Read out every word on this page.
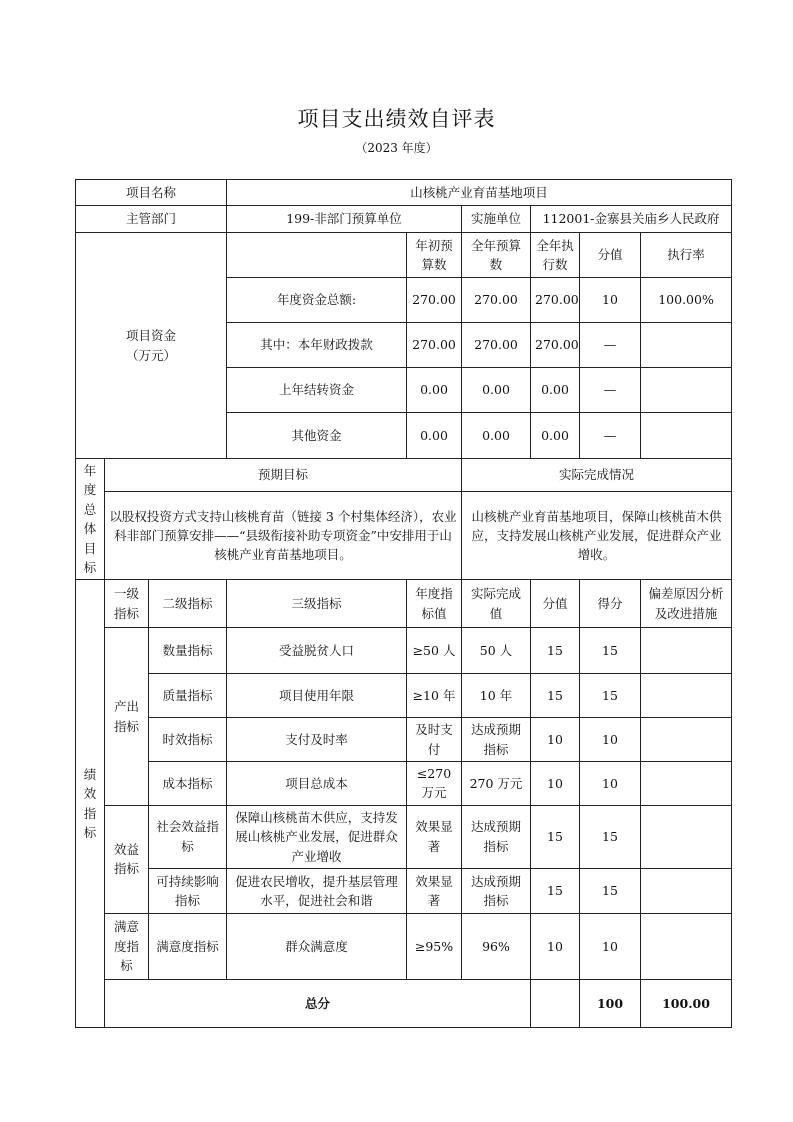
项目支出绩效自评表
（2023 年度）
项目名称			山核桃产业育苗基地项目						
主管部门			199-非部门预算单位		实施单位	112001-金寨县关庙乡人民政府			
项目资金
（万元）				年初预算数	全年预算数	全年执行数	分值	执行率	
			年度资金总额:	270.00	270.00	270.00	10	100.00%	
			其中：本年财政拨款	270.00	270.00	270.00	—		
			上年结转资金	0.00	0.00	0.00	—		
			其他资金	0.00	0.00	0.00	—		
年度总体目标	预期目标				实际完成情况				
	以股权投资方式支持山核桃育苗（链接 3 个村集体经济），农业科非部门预算安排——“县级衔接补助专项资金”中安排用于山核桃产业育苗基地项目。				山核桃产业育苗基地项目，保障山核桃苗木供应，支持发展山核桃产业发展，促进群众产业增收。				
绩效指标	一级指标	二级指标	三级指标	年度指标值	实际完成值	分值	得分	偏差原因分析及改进措施	
	产出指标	数量指标	受益脱贫人口	≥50 人	50 人	15	15		
		质量指标	项目使用年限	≥10 年	10 年	15	15		
		时效指标	支付及时率	及时支付	达成预期指标	10	10		
		成本指标	项目总成本	≤270 万元	270 万元	10	10		
	效益指标	社会效益指标	保障山核桃苗木供应，支持发展山核桃产业发展，促进群众产业增收	效果显著	达成预期指标	15	15		
		可持续影响指标	促进农民增收，提升基层管理水平，促进社会和谐	效果显著	达成预期指标	15	15		
	满意度指标	满意度指标	群众满意度	≥95%	96%	10	10		
	总分						100	100.00	
